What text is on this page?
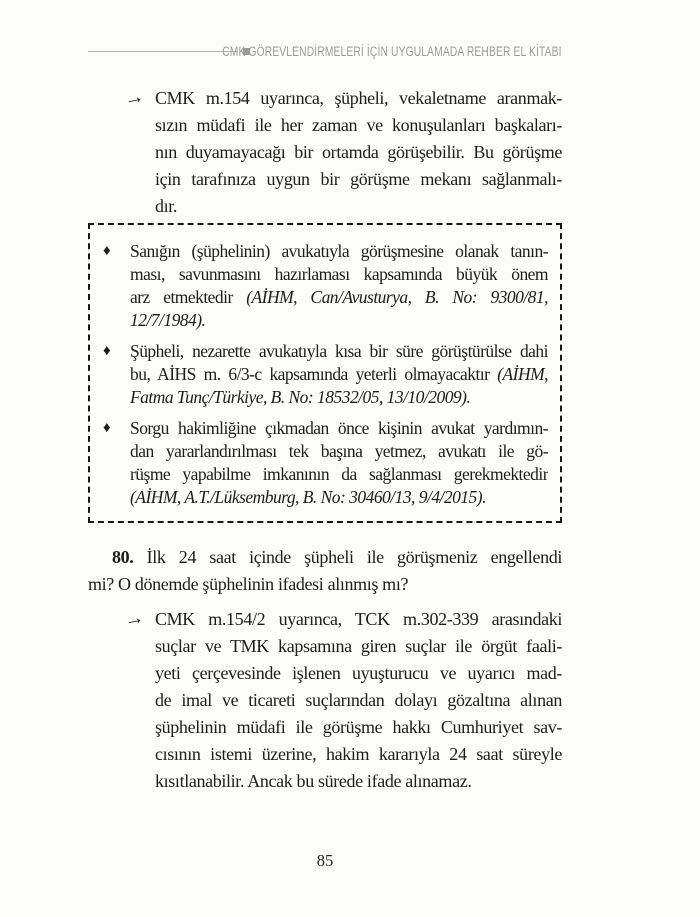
CMK GÖREVLENDİRMELERİ İÇİN UYGULAMADA REHBER EL KİTABI
→ CMK m.154 uyarınca, şüpheli, vekaletname aranmak-
sızın müdafi ile her zaman ve konuşulanları başkaları-
nın duyamayacağı bir ortamda görüşebilir. Bu görüşme
için tarafınıza uygun bir görüşme mekanı sağlanmalı-
dır.
♦	Sanığın (şüphelinin) avukatıyla görüşmesine olanak tanın-
ması, savunmasını hazırlaması kapsamında büyük önem
arz etmektedir (AİHM, Can/Avusturya, B. No: 9300/81,
12/7/1984).
♦	Şüpheli, nezarette avukatıyla kısa bir süre görüştürülse dahi
bu, AİHS m. 6/3-c kapsamında yeterli olmayacaktır (AİHM,
Fatma Tunç/Türkiye, B. No: 18532/05, 13/10/2009).
♦	Sorgu hakimliğine çıkmadan önce kişinin avukat yardımın-
dan yararlandırılması tek başına yetmez, avukatı ile gö-
rüşme yapabilme imkanının da sağlanması gerekmektedir
(AİHM, A.T./Lüksemburg, B. No: 30460/13, 9/4/2015).
80. İlk 24 saat içinde şüpheli ile görüşmeniz engellendi
mi? O dönemde şüphelinin ifadesi alınmış mı?
→ CMK m.154/2 uyarınca, TCK m.302-339 arasındaki
suçlar ve TMK kapsamına giren suçlar ile örgüt faali-
yeti çerçevesinde işlenen uyuşturucu ve uyarıcı mad-
de imal ve ticareti suçlarından dolayı gözaltına alınan
şüphelinin müdafi ile görüşme hakkı Cumhuriyet sav-
cısının istemi üzerine, hakim kararıyla 24 saat süreyle
kısıtlanabilir. Ancak bu sürede ifade alınamaz.
85
